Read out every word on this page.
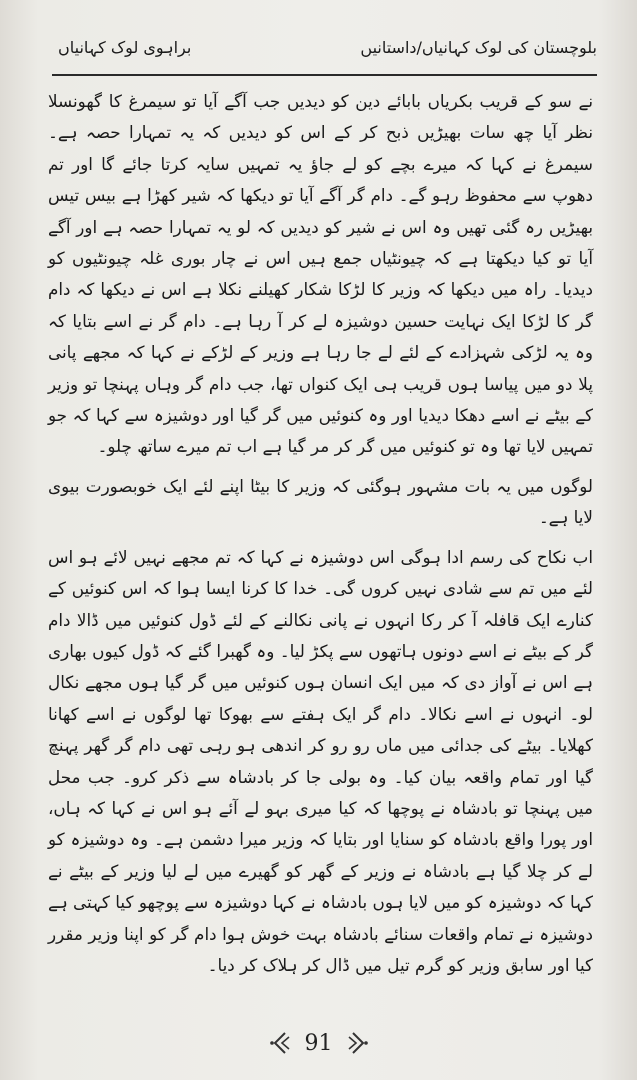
براہوی لوک کہانیاں	بلوچستان کی لوک کہانیاں/داستانیں

نے سو کے قریب بکریاں بابائے دین کو دیدیں جب آگے آیا تو سیمرغ کا گھونسلا نظر آیا چھ سات بھیڑیں ذبح کر کے اس کو دیدیں کہ یہ تمہارا حصہ ہے۔ سیمرغ نے کہا کہ میرے بچے کو لے جاؤ یہ تمہیں سایہ کرتا جائے گا اور تم دھوپ سے محفوظ رہو گے۔ دام گر آگے آیا تو دیکھا کہ شیر کھڑا ہے بیس تیس بھیڑیں رہ گئی تھیں وہ اس نے شیر کو دیدیں کہ لو یہ تمہارا حصہ ہے اور آگے آیا تو کیا دیکھتا ہے کہ چیونٹیاں جمع ہیں اس نے چار بوری غلہ چیونٹیوں کو دیدیا۔ راہ میں دیکھا کہ وزیر کا لڑکا شکار کھیلنے نکلا ہے اس نے دیکھا کہ دام گر کا لڑکا ایک نہایت حسین دوشیزہ لے کر آ رہا ہے۔ دام گر نے اسے بتایا کہ وہ یہ لڑکی شہزادے کے لئے لے جا رہا ہے وزیر کے لڑکے نے کہا کہ مجھے پانی پلا دو میں پیاسا ہوں قریب ہی ایک کنواں تھا، جب دام گر وہاں پہنچا تو وزیر کے بیٹے نے اسے دھکا دیدیا اور وہ کنوئیں میں گر گیا اور دوشیزہ سے کہا کہ جو تمہیں لایا تھا وہ تو کنوئیں میں گر کر مر گیا ہے اب تم میرے ساتھ چلو۔

لوگوں میں یہ بات مشہور ہوگئی کہ وزیر کا بیٹا اپنے لئے ایک خوبصورت بیوی لایا ہے۔

اب نکاح کی رسم ادا ہوگی اس دوشیزہ نے کہا کہ تم مجھے نہیں لائے ہو اس لئے میں تم سے شادی نہیں کروں گی۔ خدا کا کرنا ایسا ہوا کہ اس کنوئیں کے کنارے ایک قافلہ آ کر رکا انہوں نے پانی نکالنے کے لئے ڈول کنوئیں میں ڈالا دام گر کے بیٹے نے اسے دونوں ہاتھوں سے پکڑ لیا۔ وہ گھبرا گئے کہ ڈول کیوں بھاری ہے اس نے آواز دی کہ میں ایک انسان ہوں کنوئیں میں گر گیا ہوں مجھے نکال لو۔ انہوں نے اسے نکالا۔ دام گر ایک ہفتے سے بھوکا تھا لوگوں نے اسے کھانا کھلایا۔ بیٹے کی جدائی میں ماں رو رو کر اندھی ہو رہی تھی دام گر گھر پہنچ گیا اور تمام واقعہ بیان کیا۔ وہ بولی جا کر بادشاہ سے ذکر کرو۔ جب محل میں پہنچا تو بادشاہ نے پوچھا کہ کیا میری بہو لے آئے ہو اس نے کہا کہ ہاں، اور پورا واقع بادشاہ کو سنایا اور بتایا کہ وزیر میرا دشمن ہے۔ وہ دوشیزہ کو لے کر چلا گیا ہے بادشاہ نے وزیر کے گھر کو گھیرے میں لے لیا وزیر کے بیٹے نے کہا کہ دوشیزہ کو میں لایا ہوں بادشاہ نے کہا دوشیزہ سے پوچھو کیا کہتی ہے دوشیزہ نے تمام واقعات سنائے بادشاہ بہت خوش ہوا دام گر کو اپنا وزیر مقرر کیا اور سابق وزیر کو گرم تیل میں ڈال کر ہلاک کر دیا۔

91
